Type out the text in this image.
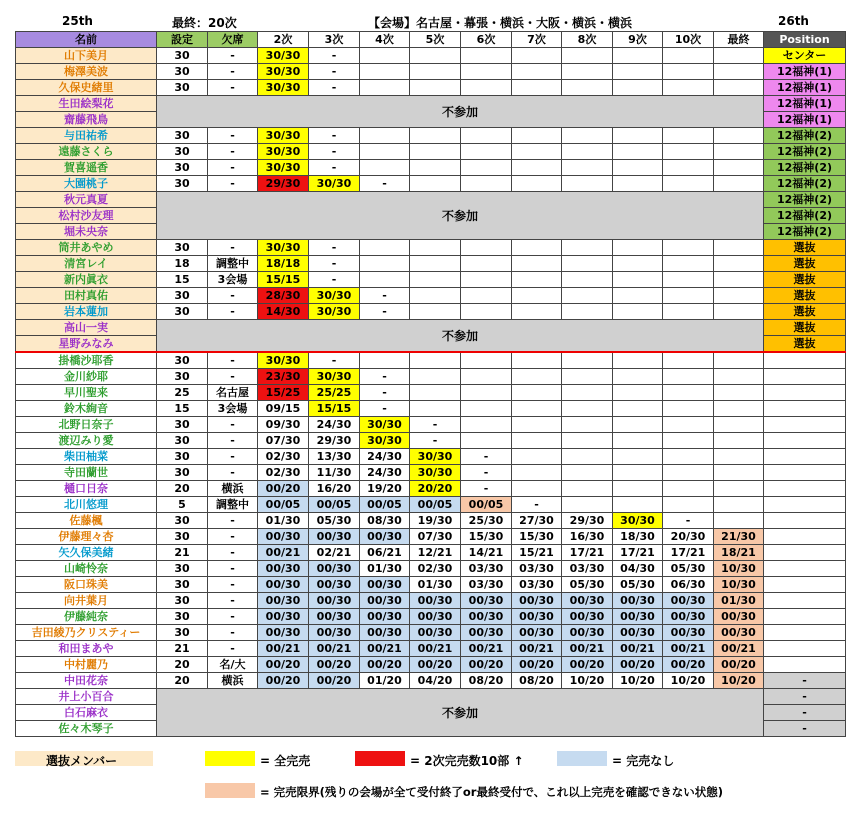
25th	最終：20次	【会場】名古屋・幕張・横浜・大阪・横浜・横浜	26th
名前	設定	欠席	2次	3次	4次	5次	6次	7次	8次	9次	10次	最終	Position
山下美月	30	-	30/30	-									センター
梅澤美波	30	-	30/30	-									12福神(1)
久保史緒里	30	-	30/30	-									12福神(1)
生田絵梨花	不参加												12福神(1)
齋藤飛鳥													12福神(1)
与田祐希	30	-	30/30	-									12福神(2)
遠藤さくら	30	-	30/30	-									12福神(2)
賀喜遥香	30	-	30/30	-									12福神(2)
大園桃子	30	-	29/30	30/30	-								12福神(2)
秋元真夏	不参加												12福神(2)
松村沙友理													12福神(2)
堀未央奈													12福神(2)
筒井あやめ	30	-	30/30	-									選抜
清宮レイ	18	調整中	18/18	-									選抜
新内眞衣	15	3会場	15/15	-									選抜
田村真佑	30	-	28/30	30/30	-								選抜
岩本蓮加	30	-	14/30	30/30	-								選抜
高山一実	不参加												選抜
星野みなみ													選抜
掛橋沙耶香	30	-	30/30	-									
金川紗耶	30	-	23/30	30/30	-								
早川聖来	25	名古屋	15/25	25/25	-								
鈴木絢音	15	3会場	09/15	15/15	-								
北野日奈子	30	-	09/30	24/30	30/30	-							
渡辺みり愛	30	-	07/30	29/30	30/30	-							
柴田柚菜	30	-	02/30	13/30	24/30	30/30	-						
寺田蘭世	30	-	02/30	11/30	24/30	30/30	-						
樋口日奈	20	横浜	00/20	16/20	19/20	20/20	-						
北川悠理	5	調整中	00/05	00/05	00/05	00/05	00/05	-					
佐藤楓	30	-	01/30	05/30	08/30	19/30	25/30	27/30	29/30	30/30	-		
伊藤理々杏	30	-	00/30	00/30	00/30	07/30	15/30	15/30	16/30	18/30	20/30	21/30	
矢久保美緒	21	-	00/21	02/21	06/21	12/21	14/21	15/21	17/21	17/21	17/21	18/21	
山崎怜奈	30	-	00/30	00/30	01/30	02/30	03/30	03/30	03/30	04/30	05/30	10/30	
阪口珠美	30	-	00/30	00/30	00/30	01/30	03/30	03/30	05/30	05/30	06/30	10/30	
向井葉月	30	-	00/30	00/30	00/30	00/30	00/30	00/30	00/30	00/30	00/30	01/30	
伊藤純奈	30	-	00/30	00/30	00/30	00/30	00/30	00/30	00/30	00/30	00/30	00/30	
吉田綾乃クリスティー	30	-	00/30	00/30	00/30	00/30	00/30	00/30	00/30	00/30	00/30	00/30	
和田まあや	21	-	00/21	00/21	00/21	00/21	00/21	00/21	00/21	00/21	00/21	00/21	
中村麗乃	20	名/大	00/20	00/20	00/20	00/20	00/20	00/20	00/20	00/20	00/20	00/20	
中田花奈	20	横浜	00/20	00/20	01/20	04/20	08/20	08/20	10/20	10/20	10/20	10/20	-
井上小百合	不参加												-
白石麻衣													-
佐々木琴子													-
選抜メンバー	= 全完売	= 2次完売数10部 ↑	= 完売なし
= 完売限界(残りの会場が全て受付終了or最終受付で、これ以上完売を確認できない状態)
